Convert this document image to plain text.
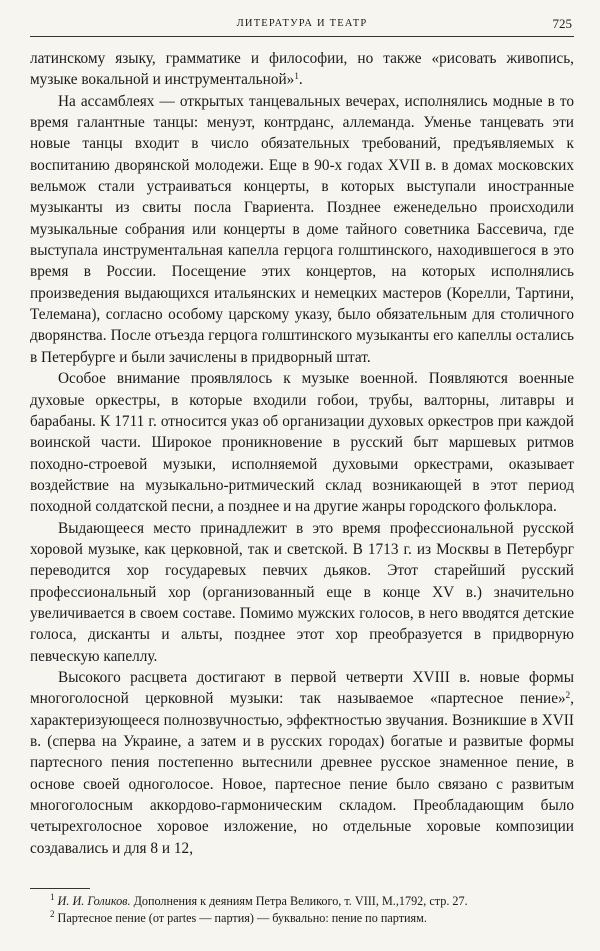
ЛИТЕРАТУРА И ТЕАТР	725

латинскому языку, грамматике и философии, но также «рисовать живопись, музыке вокальной и инструментальной»$^1$.

На ассамблеях — открытых танцевальных вечерах, исполнялись модные в то время галантные танцы: менуэт, контрданс, аллеманда. Уменье танцевать эти новые танцы входит в число обязательных требований, предъявляемых к воспитанию дворянской молодежи. Еще в 90-х годах XVII в. в домах московских вельмож стали устраиваться концерты, в которых выступали иностранные музыканты из свиты посла Гвариента. Позднее еженедельно происходили музыкальные собрания или концерты в доме тайного советника Бассевича, где выступала инструментальная капелла герцога голштинского, находившегося в это время в России. Посещение этих концертов, на которых исполнялись произведения выдающихся итальянских и немецких мастеров (Корелли, Тартини, Телемана), согласно особому царскому указу, было обязательным для столичного дворянства. После отъезда герцога голштинского музыканты его капеллы остались в Петербурге и были зачислены в придворный штат.

Особое внимание проявлялось к музыке военной. Появляются военные духовые оркестры, в которые входили гобои, трубы, валторны, литавры и барабаны. К 1711 г. относится указ об организации духовых оркестров при каждой воинской части. Широкое проникновение в русский быт маршевых ритмов походно-строевой музыки, исполняемой духовыми оркестрами, оказывает воздействие на музыкально-ритмический склад возникающей в этот период походной солдатской песни, а позднее и на другие жанры городского фольклора.

Выдающееся место принадлежит в это время профессиональной русской хоровой музыке, как церковной, так и светской. В 1713 г. из Москвы в Петербург переводится хор государевых певчих дьяков. Этот старейший русский профессиональный хор (организованный еще в конце XV в.) значительно увеличивается в своем составе. Помимо мужских голосов, в него вводятся детские голоса, дисканты и альты, позднее этот хор преобразуется в придворную певческую капеллу.

Высокого расцвета достигают в первой четверти XVIII в. новые формы многоголосной церковной музыки: так называемое «партесное пение»$^2$, характеризующееся полнозвучностью, эффектностью звучания. Возникшие в XVII в. (сперва на Украине, а затем и в русских городах) богатые и развитые формы партесного пения постепенно вытеснили древнее русское знаменное пение, в основе своей одноголосое. Новое, партесное пение было связано с развитым многоголосным аккордово-гармоническим складом. Преобладающим было четырехголосное хоровое изложение, но отдельные хоровые композиции создавались и для 8 и 12,

$^1$ И. И. Голиков. Дополнения к деяниям Петра Великого, т. VIII, М.,1792, стр. 27.

$^2$ Партесное пение (от partes — партия) — буквально: пение по партиям.
